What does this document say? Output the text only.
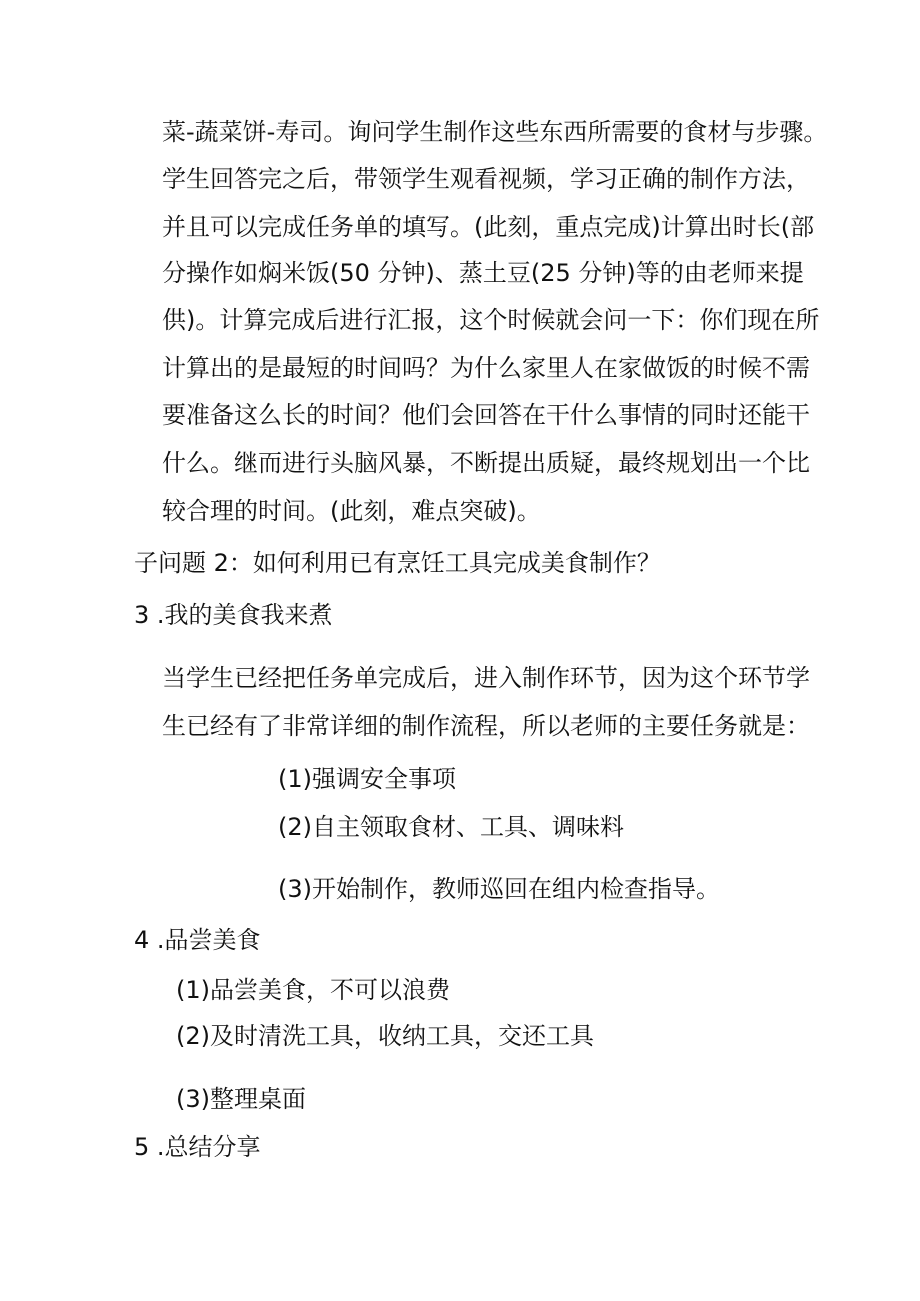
菜-蔬菜饼-寿司。询问学生制作这些东西所需要的食材与步骤。
学生回答完之后，带领学生观看视频，学习正确的制作方法，
并且可以完成任务单的填写。(此刻，重点完成)计算出时长(部
分操作如焖米饭(50 分钟)、蒸土豆(25 分钟)等的由老师来提
供)。计算完成后进行汇报，这个时候就会问一下：你们现在所
计算出的是最短的时间吗？为什么家里人在家做饭的时候不需
要准备这么长的时间？他们会回答在干什么事情的同时还能干
什么。继而进行头脑风暴，不断提出质疑，最终规划出一个比
较合理的时间。(此刻，难点突破)。
子问题 2：如何利用已有烹饪工具完成美食制作？
3 .我的美食我来煮
当学生已经把任务单完成后，进入制作环节，因为这个环节学
生已经有了非常详细的制作流程，所以老师的主要任务就是：
(1)强调安全事项
(2)自主领取食材、工具、调味料
(3)开始制作，教师巡回在组内检查指导。
4 .品尝美食
(1)品尝美食，不可以浪费
(2)及时清洗工具，收纳工具，交还工具
(3)整理桌面
5 .总结分享
